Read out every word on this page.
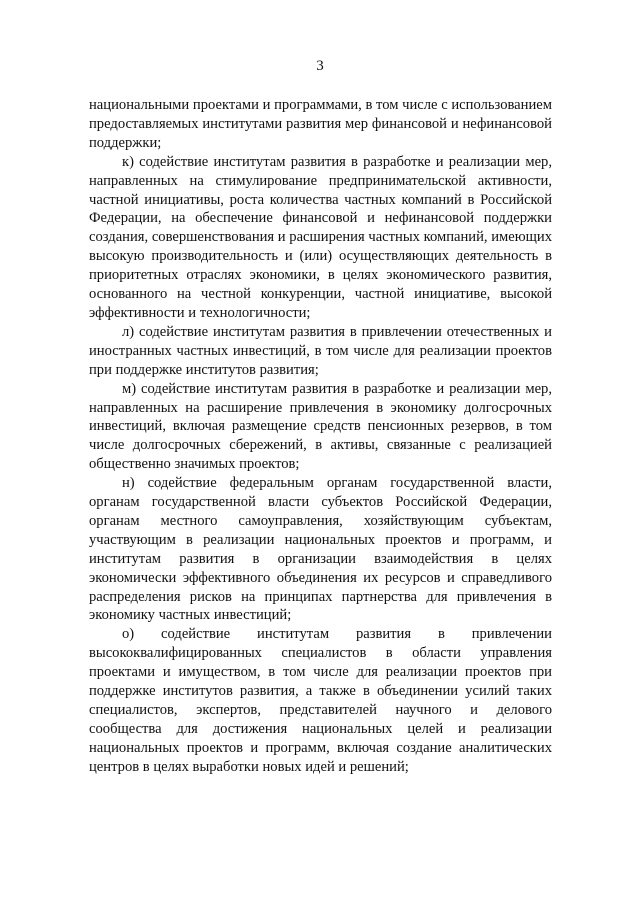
3

национальными проектами и программами, в том числе с использованием предоставляемых институтами развития мер финансовой и нефинансовой поддержки;

к) содействие институтам развития в разработке и реализации мер, направленных на стимулирование предпринимательской активности, частной инициативы, роста количества частных компаний в Российской Федерации, на обеспечение финансовой и нефинансовой поддержки создания, совершенствования и расширения частных компаний, имеющих высокую производительность и (или) осуществляющих деятельность в приоритетных отраслях экономики, в целях экономического развития, основанного на честной конкуренции, частной инициативе, высокой эффективности и технологичности;

л) содействие институтам развития в привлечении отечественных и иностранных частных инвестиций, в том числе для реализации проектов при поддержке институтов развития;

м) содействие институтам развития в разработке и реализации мер, направленных на расширение привлечения в экономику долгосрочных инвестиций, включая размещение средств пенсионных резервов, в том числе долгосрочных сбережений, в активы, связанные с реализацией общественно значимых проектов;

н) содействие федеральным органам государственной власти, органам государственной власти субъектов Российской Федерации, органам местного самоуправления, хозяйствующим субъектам, участвующим в реализации национальных проектов и программ, и институтам развития в организации взаимодействия в целях экономически эффективного объединения их ресурсов и справедливого распределения рисков на принципах партнерства для привлечения в экономику частных инвестиций;

о) содействие институтам развития в привлечении высококвалифицированных специалистов в области управления проектами и имуществом, в том числе для реализации проектов при поддержке институтов развития, а также в объединении усилий таких специалистов, экспертов, представителей научного и делового сообщества для достижения национальных целей и реализации национальных проектов и программ, включая создание аналитических центров в целях выработки новых идей и решений;
